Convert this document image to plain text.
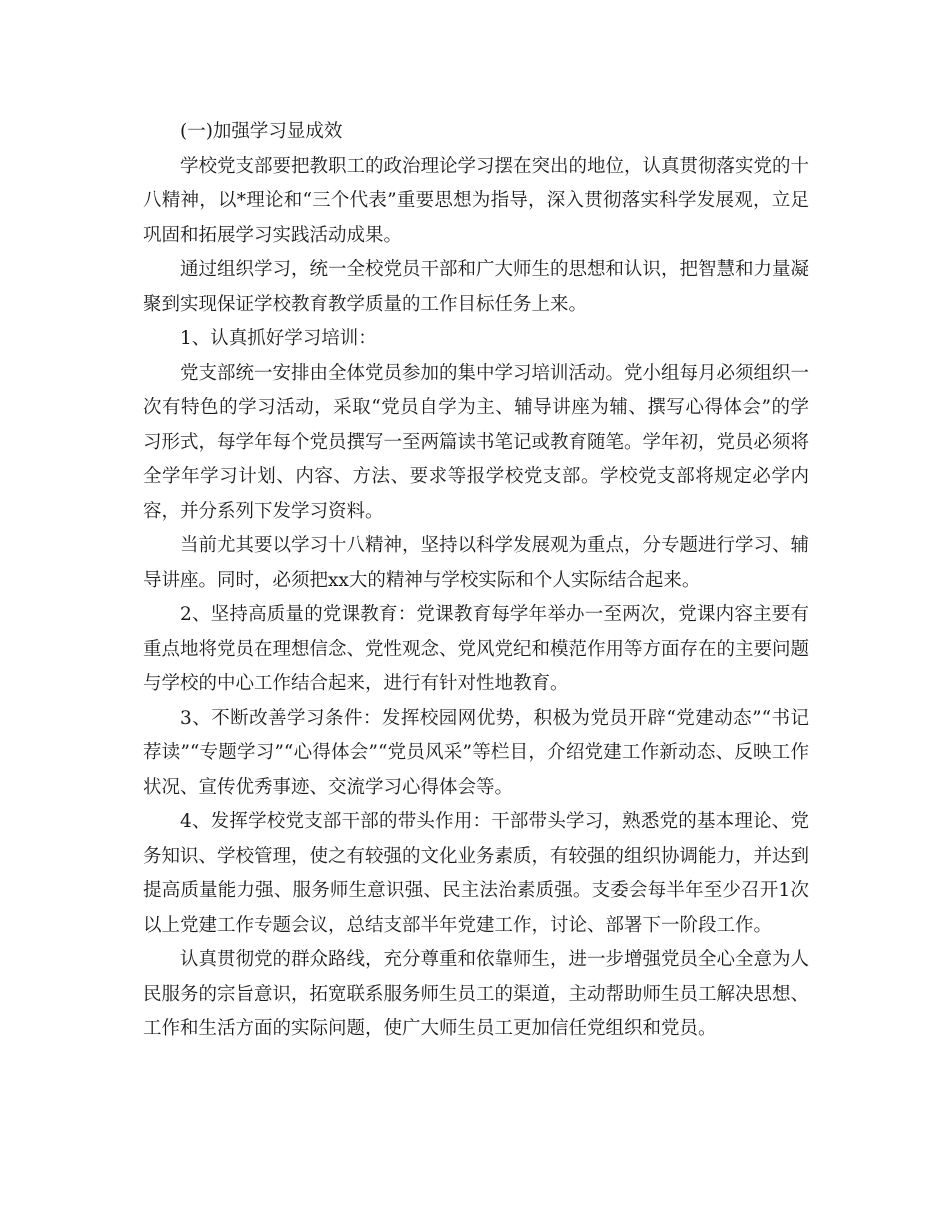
(一)加强学习显成效

学校党支部要把教职工的政治理论学习摆在突出的地位，认真贯彻落实党的十八精神，以*理论和“三个代表”重要思想为指导，深入贯彻落实科学发展观，立足巩固和拓展学习实践活动成果。

通过组织学习，统一全校党员干部和广大师生的思想和认识，把智慧和力量凝聚到实现保证学校教育教学质量的工作目标任务上来。

1、认真抓好学习培训：

党支部统一安排由全体党员参加的集中学习培训活动。党小组每月必须组织一次有特色的学习活动，采取“党员自学为主、辅导讲座为辅、撰写心得体会”的学习形式，每学年每个党员撰写一至两篇读书笔记或教育随笔。学年初，党员必须将全学年学习计划、内容、方法、要求等报学校党支部。学校党支部将规定必学内容，并分系列下发学习资料。

当前尤其要以学习十八精神，坚持以科学发展观为重点，分专题进行学习、辅导讲座。同时，必须把xx大的精神与学校实际和个人实际结合起来。

2、坚持高质量的党课教育：党课教育每学年举办一至两次，党课内容主要有重点地将党员在理想信念、党性观念、党风党纪和模范作用等方面存在的主要问题与学校的中心工作结合起来，进行有针对性地教育。

3、不断改善学习条件：发挥校园网优势，积极为党员开辟“党建动态”“书记荐读”“专题学习”“心得体会”“党员风采”等栏目，介绍党建工作新动态、反映工作状况、宣传优秀事迹、交流学习心得体会等。

4、发挥学校党支部干部的带头作用：干部带头学习，熟悉党的基本理论、党务知识、学校管理，使之有较强的文化业务素质，有较强的组织协调能力，并达到提高质量能力强、服务师生意识强、民主法治素质强。支委会每半年至少召开1次以上党建工作专题会议，总结支部半年党建工作，讨论、部署下一阶段工作。

认真贯彻党的群众路线，充分尊重和依靠师生，进一步增强党员全心全意为人民服务的宗旨意识，拓宽联系服务师生员工的渠道，主动帮助师生员工解决思想、工作和生活方面的实际问题，使广大师生员工更加信任党组织和党员。
